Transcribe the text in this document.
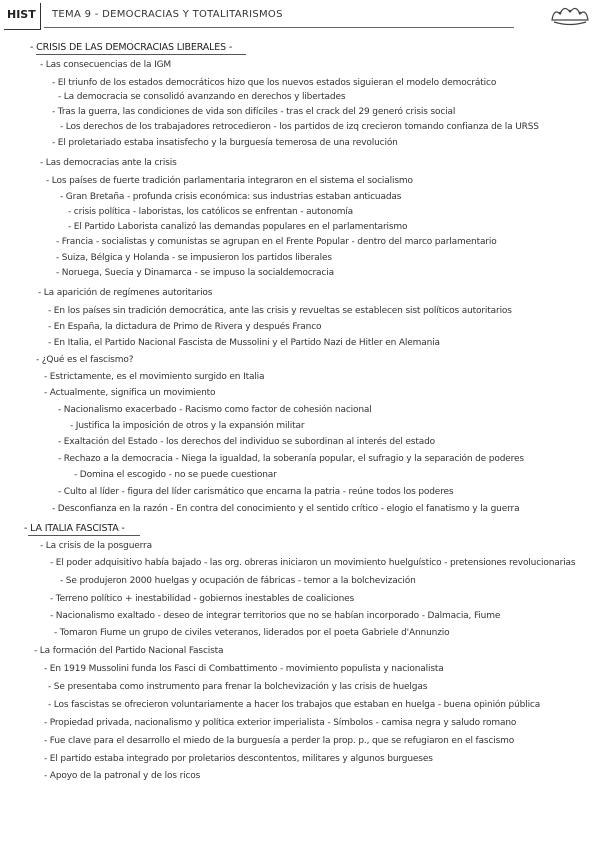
HIST TEMA 9 - DEMOCRACIAS Y TOTALITARISMOS
- CRISIS DE LAS DEMOCRACIAS LIBERALES -
- Las consecuencias de la IGM
- El triunfo de los estados democráticos hizo que los nuevos estados siguieran el modelo democrático
- La democracia se consolidó avanzando en derechos y libertades
- Tras la guerra, las condiciones de vida son difíciles - tras el crack del 29 generó crisis social
- Los derechos de los trabajadores retrocedieron - los partidos de izq crecieron tomando confianza de la URSS
- El proletariado estaba insatisfecho y la burguesía temerosa de una revolución
- Las democracias ante la crisis
- Los países de fuerte tradición parlamentaria integraron en el sistema el socialismo
- Gran Bretaña - profunda crisis económica: sus industrias estaban anticuadas
- crisis política - laboristas, los católicos se enfrentan - autonomía
- El Partido Laborista canalizó las demandas populares en el parlamentarismo
- Francia - socialistas y comunistas se agrupan en el Frente Popular - dentro del marco parlamentario
- Suiza, Bélgica y Holanda - se impusieron los partidos liberales
- Noruega, Suecia y Dinamarca - se impuso la socialdemocracia
- La aparición de regímenes autoritarios
- En los países sin tradición democrática, ante las crisis y revueltas se establecen sist políticos autoritarios
- En España, la dictadura de Primo de Rivera y después Franco
- En Italia, el Partido Nacional Fascista de Mussolini y el Partido Nazi de Hitler en Alemania
- ¿Qué es el fascismo?
- Estrictamente, es el movimiento surgido en Italia
- Actualmente, significa un movimiento
- Nacionalismo exacerbado - Racismo como factor de cohesión nacional
- Justifica la imposición de otros y la expansión militar
- Exaltación del Estado - los derechos del individuo se subordinan al interés del estado
- Rechazo a la democracia - Niega la igualdad, la soberanía popular, el sufragio y la separación de poderes
- Domina el escogido - no se puede cuestionar
- Culto al líder - figura del líder carismático que encarna la patria - reúne todos los poderes
- Desconfianza en la razón - En contra del conocimiento y el sentido crítico - elogio el fanatismo y la guerra
- LA ITALIA FASCISTA -
- La crisis de la posguerra
- El poder adquisitivo había bajado - las org. obreras iniciaron un movimiento huelguístico - pretensiones revolucionarias
- Se produjeron 2000 huelgas y ocupación de fábricas - temor a la bolchevización
- Terreno político + inestabilidad - gobiernos inestables de coaliciones
- Nacionalismo exaltado - deseo de integrar territorios que no se habían incorporado - Dalmacia, Fiume
- Tomaron Fiume un grupo de civiles veteranos, liderados por el poeta Gabriele d'Annunzio
- La formación del Partido Nacional Fascista
- En 1919 Mussolini funda los Fasci di Combattimento - movimiento populista y nacionalista
- Se presentaba como instrumento para frenar la bolchevización y las crisis de huelgas
- Los fascistas se ofrecieron voluntariamente a hacer los trabajos que estaban en huelga - buena opinión pública
- Propiedad privada, nacionalismo y política exterior imperialista - Símbolos - camisa negra y saludo romano
- Fue clave para el desarrollo el miedo de la burguesía a perder la prop. p., que se refugiaron en el fascismo
- El partido estaba integrado por proletarios descontentos, militares y algunos burgueses
- Apoyo de la patronal y de los ricos
